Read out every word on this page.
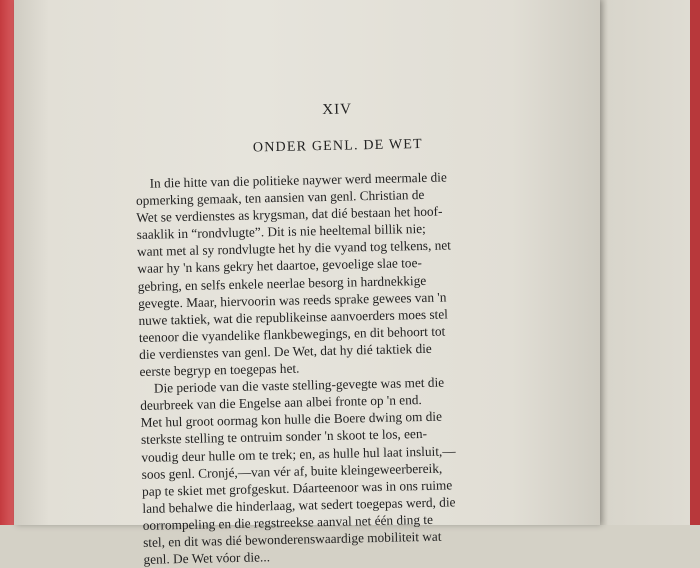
XIV
ONDER GENL. DE WET
In die hitte van die politieke naywer werd meermale die
opmerking gemaak, ten aansien van genl. Christian de
Wet se verdienstes as krygsman, dat dié bestaan het hoof-
saaklik in “rondvlugte”. Dit is nie heeltemal billik nie;
want met al sy rondvlugte het hy die vyand tog telkens, net
waar hy 'n kans gekry het daartoe, gevoelige slae toe-
gebring, en selfs enkele neerlae besorg in hardnekkige
gevegte. Maar, hiervoorin was reeds sprake gewees van 'n
nuwe taktiek, wat die republikeinse aanvoerders moes stel
teenoor die vyandelike flankbewegings, en dit behoort tot
die verdienstes van genl. De Wet, dat hy dié taktiek die
eerste begryp en toegepas het.
Die periode van die vaste stelling-gevegte was met die
deurbreek van die Engelse aan albei fronte op 'n end.
Met hul groot oormag kon hulle die Boere dwing om die
sterkste stelling te ontruim sonder 'n skoot te los, een-
voudig deur hulle om te trek; en, as hulle hul laat insluit,—
soos genl. Cronjé,—van vér af, buite kleingeweerbereik,
pap te skiet met grofgeskut. Dáarteenoor was in ons ruime
land behalwe die hinderlaag, wat sedert toegepas werd, die
oorrompeling en die regstreekse aanval net één ding te
stel, en dit was dié bewonderenswaardige mobiliteit wat
genl. De Wet vóor die...
